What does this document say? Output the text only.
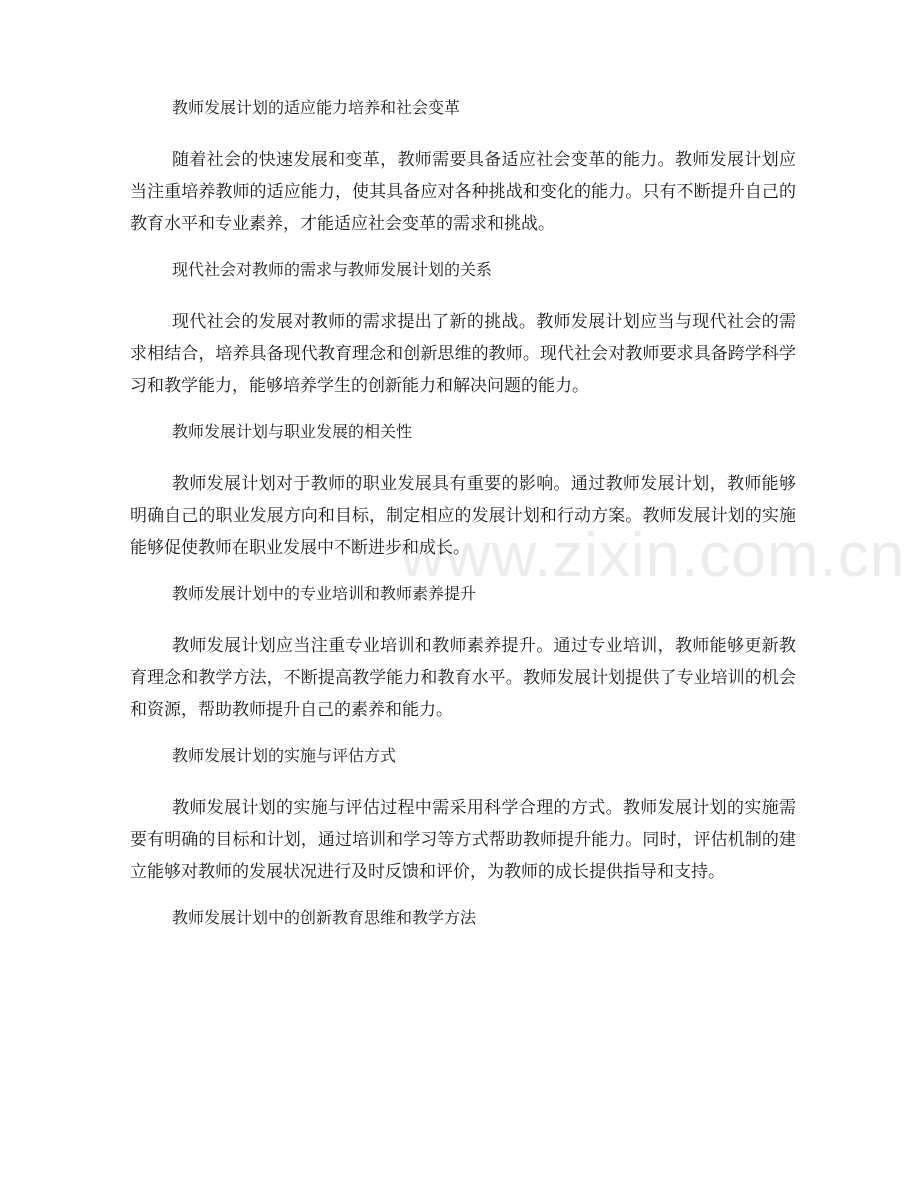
www.zixin.com.cn

教师发展计划的适应能力培养和社会变革

随着社会的快速发展和变革，教师需要具备适应社会变革的能力。教师发展计划应当注重培养教师的适应能力，使其具备应对各种挑战和变化的能力。只有不断提升自己的教育水平和专业素养，才能适应社会变革的需求和挑战。

现代社会对教师的需求与教师发展计划的关系

现代社会的发展对教师的需求提出了新的挑战。教师发展计划应当与现代社会的需求相结合，培养具备现代教育理念和创新思维的教师。现代社会对教师要求具备跨学科学习和教学能力，能够培养学生的创新能力和解决问题的能力。

教师发展计划与职业发展的相关性

教师发展计划对于教师的职业发展具有重要的影响。通过教师发展计划，教师能够明确自己的职业发展方向和目标，制定相应的发展计划和行动方案。教师发展计划的实施能够促使教师在职业发展中不断进步和成长。

教师发展计划中的专业培训和教师素养提升

教师发展计划应当注重专业培训和教师素养提升。通过专业培训，教师能够更新教育理念和教学方法，不断提高教学能力和教育水平。教师发展计划提供了专业培训的机会和资源，帮助教师提升自己的素养和能力。

教师发展计划的实施与评估方式

教师发展计划的实施与评估过程中需采用科学合理的方式。教师发展计划的实施需要有明确的目标和计划，通过培训和学习等方式帮助教师提升能力。同时，评估机制的建立能够对教师的发展状况进行及时反馈和评价，为教师的成长提供指导和支持。

教师发展计划中的创新教育思维和教学方法
